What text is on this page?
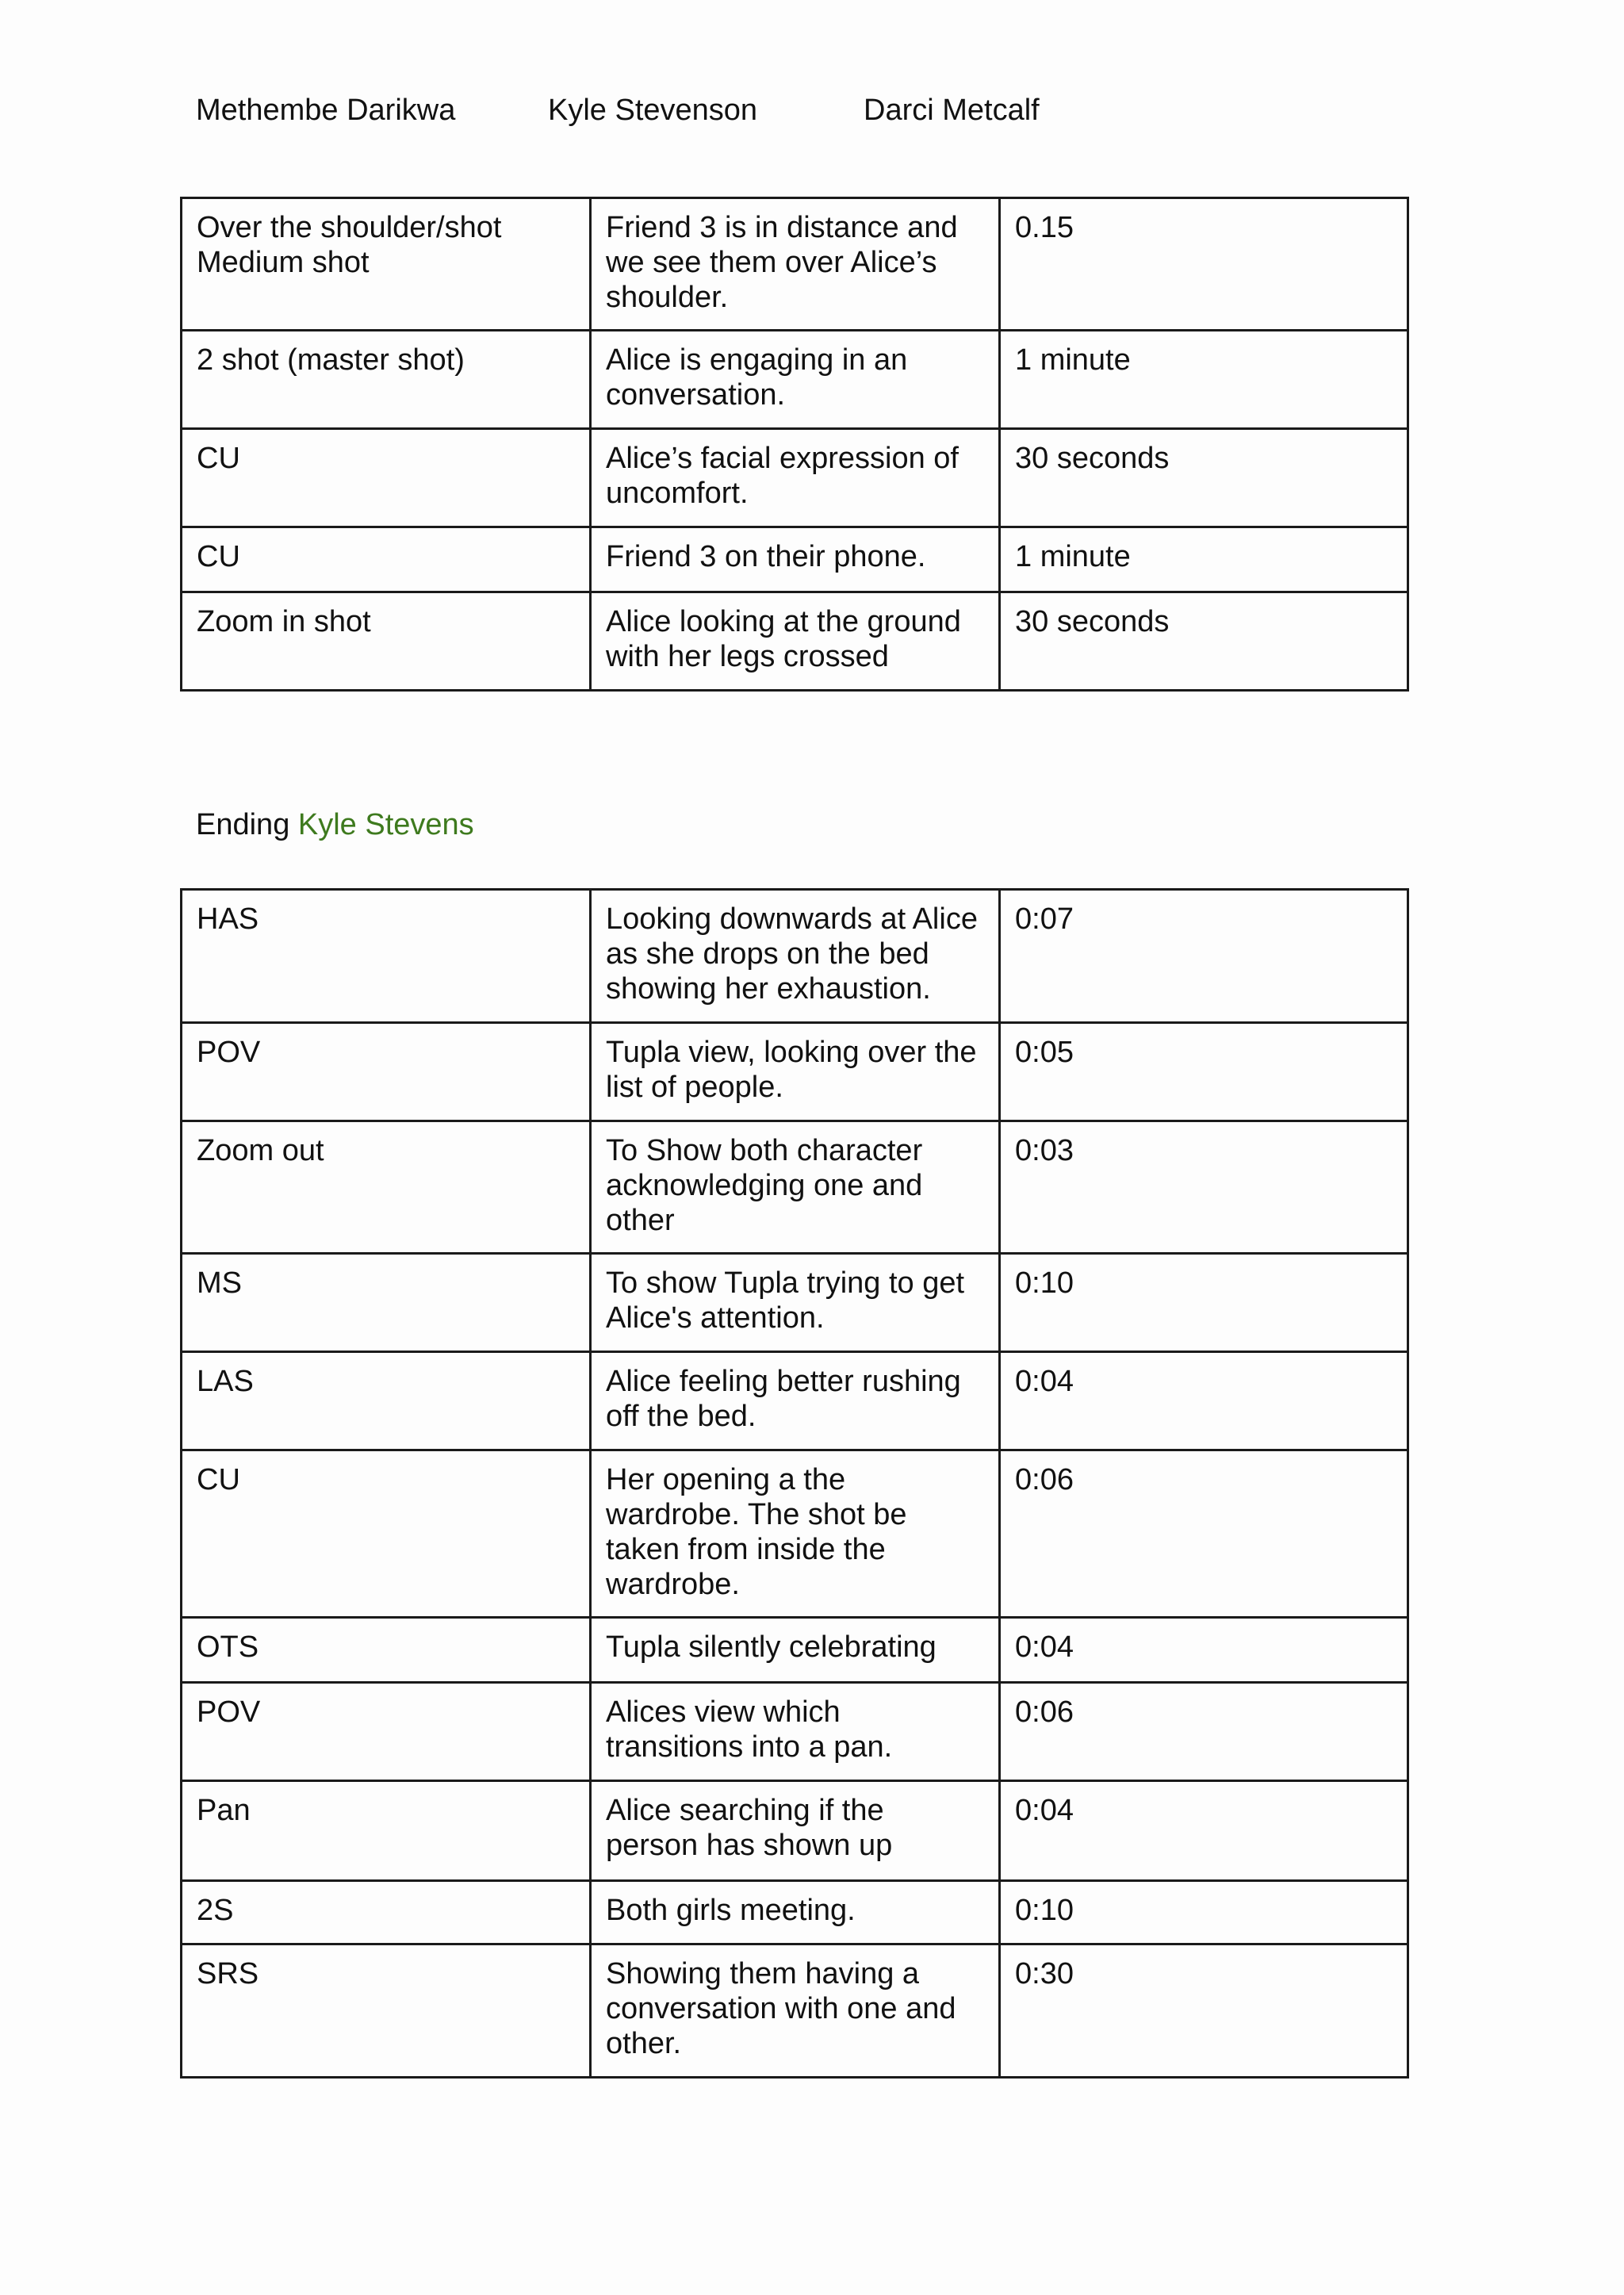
Methembe Darikwa	Kyle Stevenson	Darci Metcalf
Over the shoulder/shot Medium shot	Friend 3 is in distance and we see them over Alice’s shoulder.	0.15
2 shot (master shot)	Alice is engaging in an conversation.	1 minute
CU	Alice’s facial expression of uncomfort.	30 seconds
CU	Friend 3 on their phone.	1 minute
Zoom in shot	Alice looking at the ground with her legs crossed	30 seconds
Ending Kyle Stevens
HAS	Looking downwards at Alice as she drops on the bed showing her exhaustion.	0:07
POV	Tupla view, looking over the list of people.	0:05
Zoom out	To Show both character acknowledging one and other	0:03
MS	To show Tupla trying to get Alice's attention.	0:10
LAS	Alice feeling better rushing off the bed.	0:04
CU	Her opening a the wardrobe. The shot be taken from inside the wardrobe.	0:06
OTS	Tupla silently celebrating	0:04
POV	Alices view which transitions into a pan.	0:06
Pan	Alice searching if the person has shown up	0:04
2S	Both girls meeting.	0:10
SRS	Showing them having a conversation with one and other.	0:30
